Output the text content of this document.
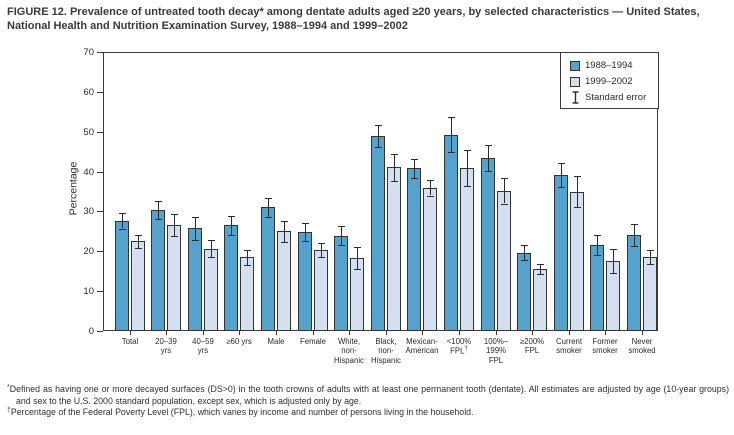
FIGURE 12. Prevalence of untreated tooth decay* among dentate adults aged ≥20 years, by selected characteristics — United States, National Health and Nutrition Examination Survey, 1988–1994 and 1999–2002
Percentage
1988–1994
1999–2002
Standard error
0
10
20
30
40
50
60
70
Total	20–39
yrs
40–59
yrs
≥60 yrs	Male	Female	White,
non-
Hispanic
Black,
non-
Hispanic
Mexican-
American
<100%
FPL†
100%–
199%
FPL
≥200%
FPL
Current
smoker
Former
smoker
Never
smoked
*Defined as having one or more decayed surfaces (DS>0) in the tooth crowns of adults with at least one permanent tooth (dentate). All estimates are adjusted by age (10-year groups) and sex to the U.S. 2000 standard population, except sex, which is adjusted only by age.
†Percentage of the Federal Poverty Level (FPL), which varies by income and number of persons living in the household.
